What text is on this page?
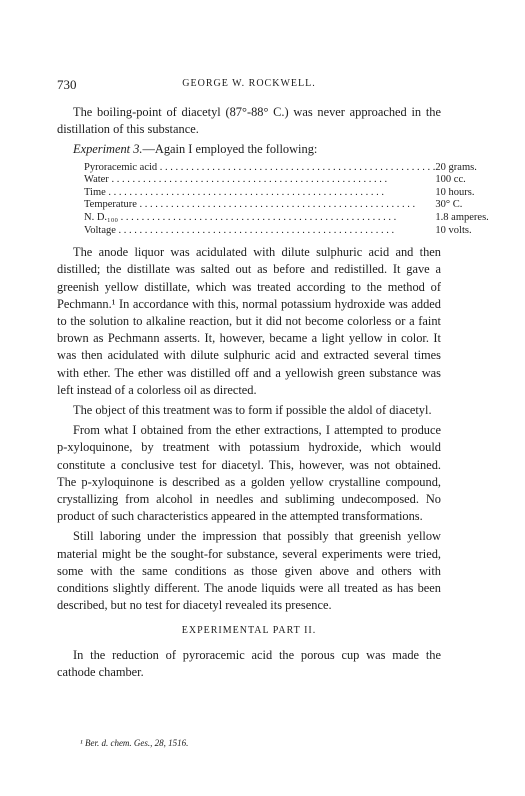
730	GEORGE W. ROCKWELL.

The boiling-point of diacetyl (87°-88° C.) was never approached in the distillation of this substance.

Experiment 3.—Again I employed the following:

Pyroracemic acid . . .	20 grams.
Water . . .	100 cc.
Time . . .	10 hours.
Temperature . . .	30° C.
N. D.₁₀₀ . . .	1.8 amperes.
Voltage . . .	10 volts.

The anode liquor was acidulated with dilute sulphuric acid and then distilled; the distillate was salted out as before and redistilled. It gave a greenish yellow distillate, which was treated according to the method of Pechmann.¹ In accordance with this, normal potassium hydroxide was added to the solution to alkaline reaction, but it did not become colorless or a faint brown as Pechmann asserts. It, however, became a light yellow in color. It was then acidulated with dilute sulphuric acid and extracted several times with ether. The ether was distilled off and a yellowish green substance was left instead of a colorless oil as directed.

The object of this treatment was to form if possible the aldol of diacetyl.

From what I obtained from the ether extractions, I attempted to produce p-xyloquinone, by treatment with potassium hydroxide, which would constitute a conclusive test for diacetyl. This, however, was not obtained. The p-xyloquinone is described as a golden yellow crystalline compound, crystallizing from alcohol in needles and subliming undecomposed. No product of such characteristics appeared in the attempted transformations.

Still laboring under the impression that possibly that greenish yellow material might be the sought-for substance, several experiments were tried, some with the same conditions as those given above and others with conditions slightly different. The anode liquids were all treated as has been described, but no test for diacetyl revealed its presence.

EXPERIMENTAL PART II.

In the reduction of pyroracemic acid the porous cup was made the cathode chamber.

¹ Ber. d. chem. Ges., 28, 1516.
